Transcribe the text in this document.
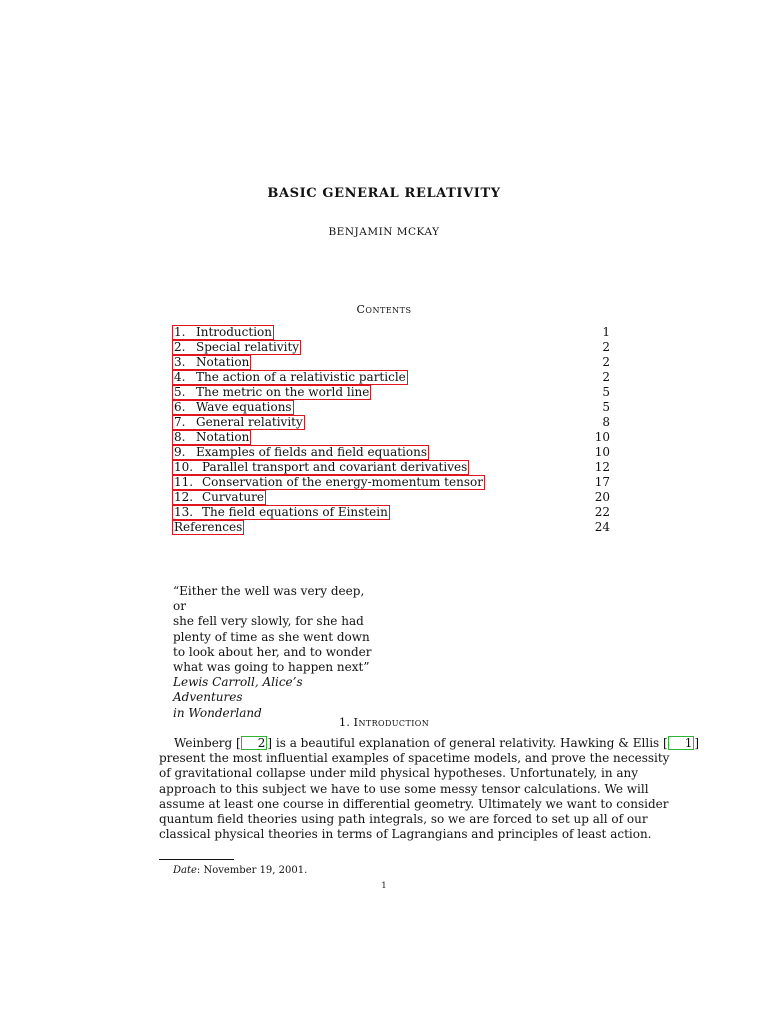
BASIC GENERAL RELATIVITY
BENJAMIN MCKAY
Contents
1. Introduction	1
2. Special relativity	2
3. Notation	2
4. The action of a relativistic particle	2
5. The metric on the world line	5
6. Wave equations	5
7. General relativity	8
8. Notation	10
9. Examples of fields and field equations	10
10. Parallel transport and covariant derivatives	12
11. Conservation of the energy-momentum tensor	17
12. Curvature	20
13. The field equations of Einstein	22
References	24
“Either the well was very deep, or
she fell very slowly, for she had
plenty of time as she went down
to look about her, and to wonder
what was going to happen next”
Lewis Carroll, Alice’s Adventures
in Wonderland
1. Introduction
Weinberg [ 2 ] is a beautiful explanation of general relativity. Hawking & Ellis [ 1 ]
present the most influential examples of spacetime models, and prove the necessity
of gravitational collapse under mild physical hypotheses. Unfortunately, in any
approach to this subject we have to use some messy tensor calculations. We will
assume at least one course in differential geometry. Ultimately we want to consider
quantum field theories using path integrals, so we are forced to set up all of our
classical physical theories in terms of Lagrangians and principles of least action.
Date: November 19, 2001.
1
